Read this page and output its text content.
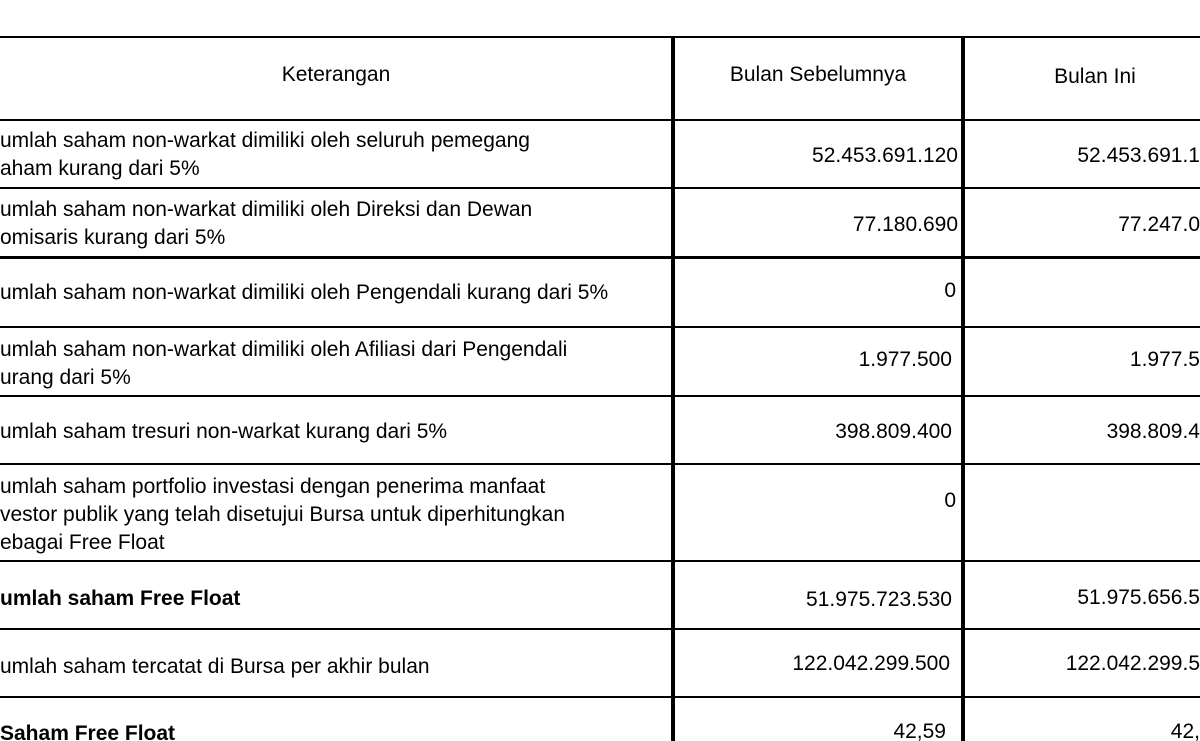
Keterangan	Bulan Sebelumnya	Bulan Ini
umlah saham non-warkat dimiliki oleh seluruh pemegang
aham kurang dari 5%
52.453.691.120	52.453.691.1
umlah saham non-warkat dimiliki oleh Direksi dan Dewan
omisaris kurang dari 5%
77.180.690	77.247.0
umlah saham non-warkat dimiliki oleh Pengendali kurang dari 5%	0
umlah saham non-warkat dimiliki oleh Afiliasi dari Pengendali
urang dari 5%
1.977.500	1.977.5
umlah saham tresuri non-warkat kurang dari 5%	398.809.400	398.809.4
umlah saham portfolio investasi dengan penerima manfaat
vestor publik yang telah disetujui Bursa untuk diperhitungkan
ebagai Free Float
0
umlah saham Free Float	51.975.723.530	51.975.656.5
umlah saham tercatat di Bursa per akhir bulan	122.042.299.500	122.042.299.5
Saham Free Float	42,59	42,
